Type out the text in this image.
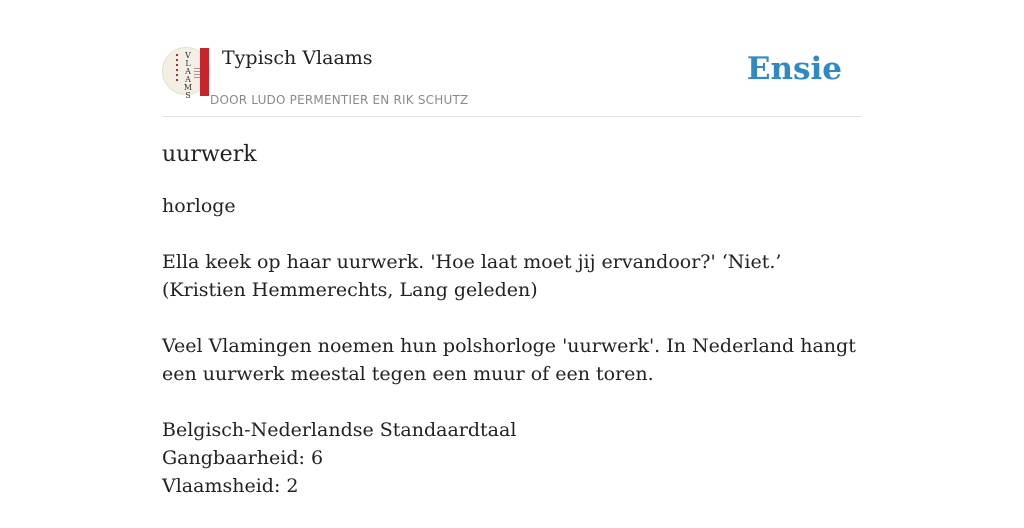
V
L
A
A
M
S
Typisch Vlaams
DOOR LUDO PERMENTIER EN RIK SCHUTZ
Ensie
uurwerk

horloge

Ella keek op haar uurwerk. 'Hoe laat moet jij ervandoor?' ‘Niet.’
(Kristien Hemmerechts, Lang geleden)

Veel Vlamingen noemen hun polshorloge 'uurwerk'. In Nederland hangt een uurwerk meestal tegen een muur of een toren.

Belgisch-Nederlandse Standaardtaal
Gangbaarheid: 6
Vlaamsheid: 2
